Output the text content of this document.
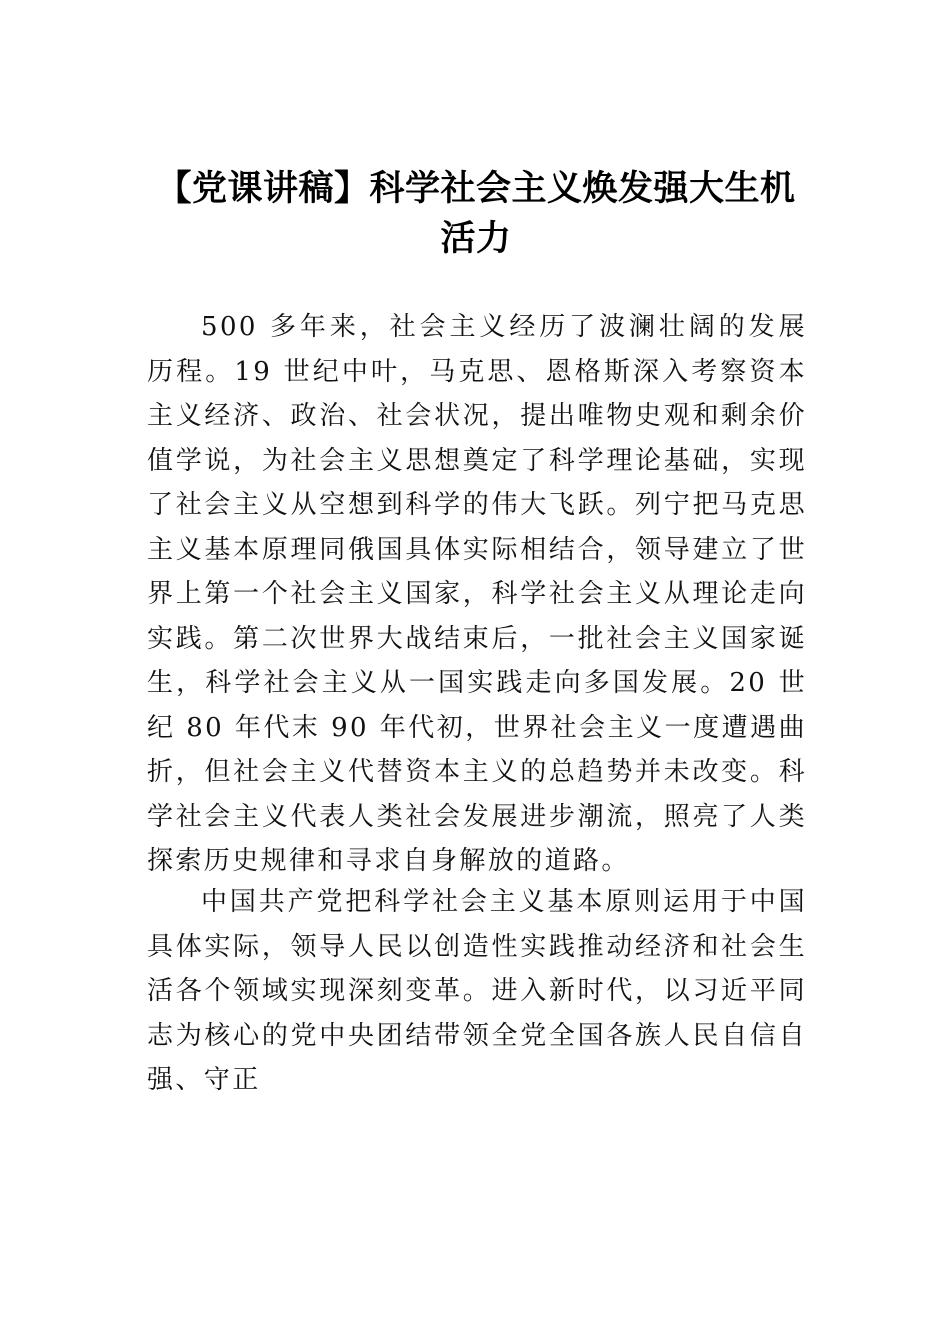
【党课讲稿】科学社会主义焕发强大生机活力

500 多年来，社会主义经历了波澜壮阔的发展历程。19 世纪中叶，马克思、恩格斯深入考察资本主义经济、政治、社会状况，提出唯物史观和剩余价值学说，为社会主义思想奠定了科学理论基础，实现了社会主义从空想到科学的伟大飞跃。列宁把马克思主义基本原理同俄国具体实际相结合，领导建立了世界上第一个社会主义国家，科学社会主义从理论走向实践。第二次世界大战结束后，一批社会主义国家诞生，科学社会主义从一国实践走向多国发展。20 世纪 80 年代末 90 年代初，世界社会主义一度遭遇曲折，但社会主义代替资本主义的总趋势并未改变。科学社会主义代表人类社会发展进步潮流，照亮了人类探索历史规律和寻求自身解放的道路。

中国共产党把科学社会主义基本原则运用于中国具体实际，领导人民以创造性实践推动经济和社会生活各个领域实现深刻变革。进入新时代，以习近平同志为核心的党中央团结带领全党全国各族人民自信自强、守正
